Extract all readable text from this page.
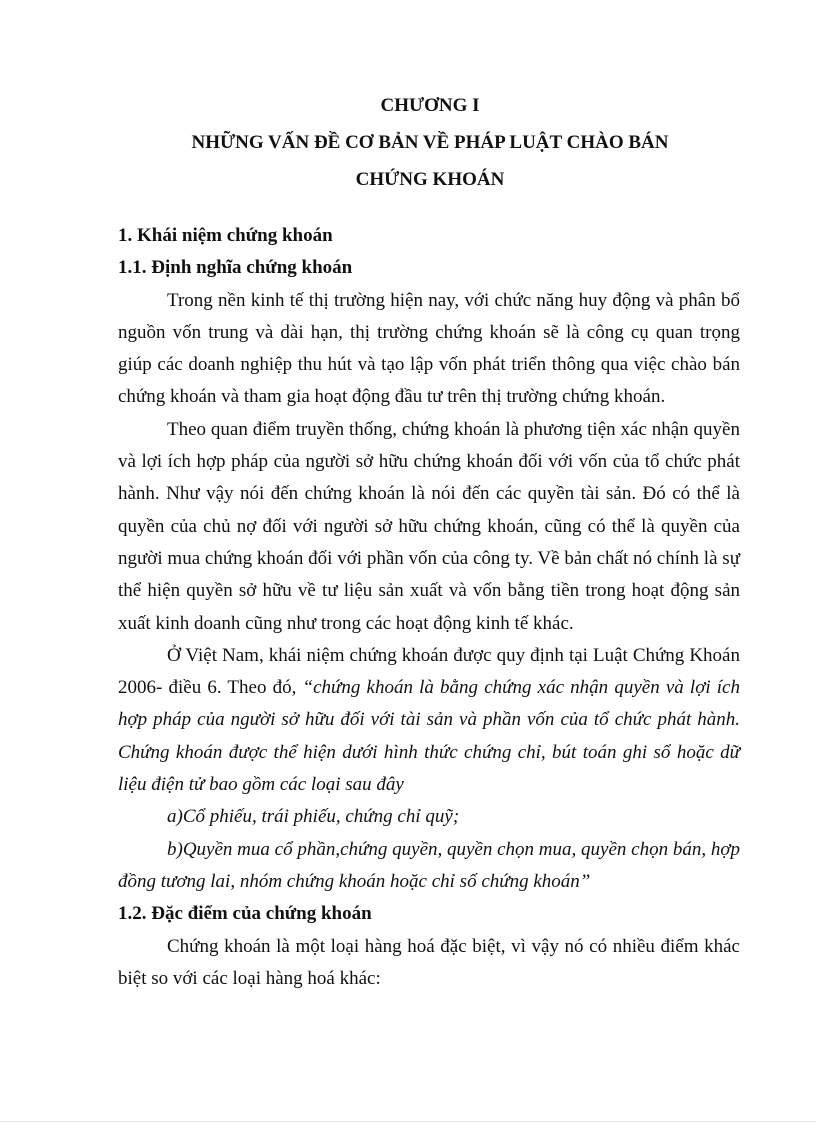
CHƯƠNG I
NHỮNG VẤN ĐỀ CƠ BẢN VỀ PHÁP LUẬT CHÀO BÁN
CHỨNG KHOÁN
1. Khái niệm chứng khoán
1.1. Định nghĩa chứng khoán

Trong nền kinh tế thị trường hiện nay, với chức năng huy động và phân bổ nguồn vốn trung và dài hạn, thị trường chứng khoán sẽ là công cụ quan trọng giúp các doanh nghiệp thu hút và tạo lập vốn phát triển thông qua việc chào bán chứng khoán và tham gia hoạt động đầu tư trên thị trường chứng khoán.

Theo quan điểm truyền thống, chứng khoán là phương tiện xác nhận quyền và lợi ích hợp pháp của người sở hữu chứng khoán đối với vốn của tổ chức phát hành. Như vậy nói đến chứng khoán là nói đến các quyền tài sản. Đó có thể là quyền của chủ nợ đối với người sở hữu chứng khoán, cũng có thể là quyền của người mua chứng khoán đối với phần vốn của công ty. Về bản chất nó chính là sự thể hiện quyền sở hữu về tư liệu sản xuất và vốn bằng tiền trong hoạt động sản xuất kinh doanh cũng như trong các hoạt động kinh tế khác.

Ở Việt Nam, khái niệm chứng khoán được quy định tại Luật Chứng Khoán 2006- điều 6. Theo đó, “chứng khoán là bằng chứng xác nhận quyền và lợi ích hợp pháp của người sở hữu đối với tài sản và phần vốn của tổ chức phát hành. Chứng khoán được thể hiện dưới hình thức chứng chỉ, bút toán ghi sổ hoặc dữ liệu điện tử bao gồm các loại sau đây

a)Cổ phiếu, trái phiếu, chứng chỉ quỹ;

b)Quyền mua cổ phần,chứng quyền, quyền chọn mua, quyền chọn bán, hợp đồng tương lai, nhóm chứng khoán hoặc chỉ số chứng khoán”

1.2. Đặc điểm của chứng khoán

Chứng khoán là một loại hàng hoá đặc biệt, vì vậy nó có nhiều điểm khác biệt so với các loại hàng hoá khác:
